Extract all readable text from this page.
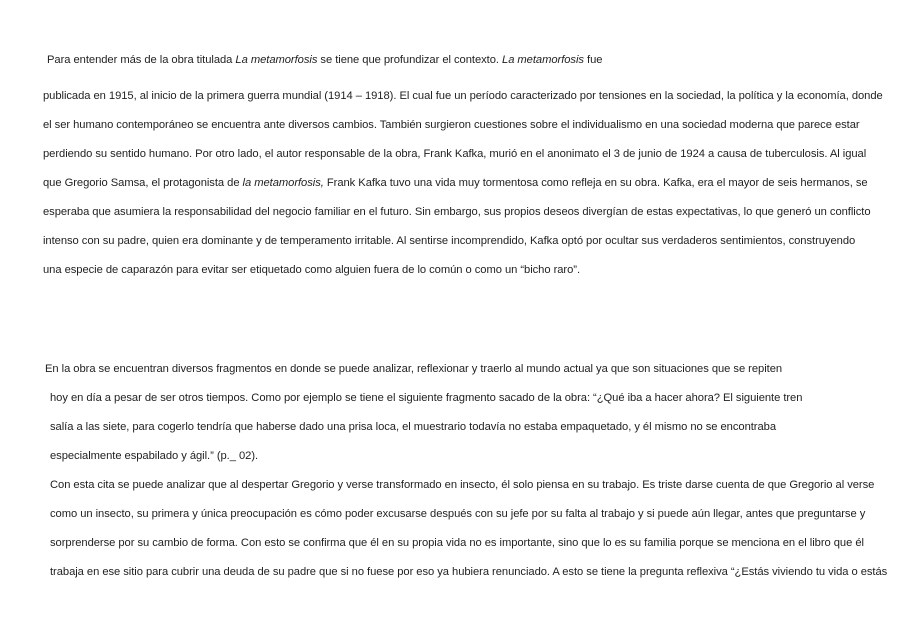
Para entender más de la obra titulada La metamorfosis se tiene que profundizar el contexto. La metamorfosis fue
publicada en 1915, al inicio de la primera guerra mundial (1914 – 1918). El cual fue un período caracterizado por tensiones en la sociedad, la política y la economía, donde
el ser humano contemporáneo se encuentra ante diversos cambios. También surgieron cuestiones sobre el individualismo en una sociedad moderna que parece estar
perdiendo su sentido humano. Por otro lado, el autor responsable de la obra, Frank Kafka, murió en el anonimato el 3 de junio de 1924 a causa de tuberculosis. Al igual
que Gregorio Samsa, el protagonista de la metamorfosis, Frank Kafka tuvo una vida muy tormentosa como refleja en su obra. Kafka, era el mayor de seis hermanos, se
esperaba que asumiera la responsabilidad del negocio familiar en el futuro. Sin embargo, sus propios deseos divergían de estas expectativas, lo que generó un conflicto
intenso con su padre, quien era dominante y de temperamento irritable. Al sentirse incomprendido, Kafka optó por ocultar sus verdaderos sentimientos, construyendo
una especie de caparazón para evitar ser etiquetado como alguien fuera de lo común o como un “bicho raro”.
En la obra se encuentran diversos fragmentos en donde se puede analizar, reflexionar y traerlo al mundo actual ya que son situaciones que se repiten
hoy en día a pesar de ser otros tiempos. Como por ejemplo se tiene el siguiente fragmento sacado de la obra: “¿Qué iba a hacer ahora? El siguiente tren
salía a las siete, para cogerlo tendría que haberse dado una prisa loca, el muestrario todavía no estaba empaquetado, y él mismo no se encontraba
especialmente espabilado y ágil.” (p._ 02).
Con esta cita se puede analizar que al despertar Gregorio y verse transformado en insecto, él solo piensa en su trabajo. Es triste darse cuenta de que Gregorio al verse
como un insecto, su primera y única preocupación es cómo poder excusarse después con su jefe por su falta al trabajo y si puede aún llegar, antes que preguntarse y
sorprenderse por su cambio de forma. Con esto se confirma que él en su propia vida no es importante, sino que lo es su familia porque se menciona en el libro que él
trabaja en ese sitio para cubrir una deuda de su padre que si no fuese por eso ya hubiera renunciado. A esto se tiene la pregunta reflexiva “¿Estás viviendo tu vida o estás
